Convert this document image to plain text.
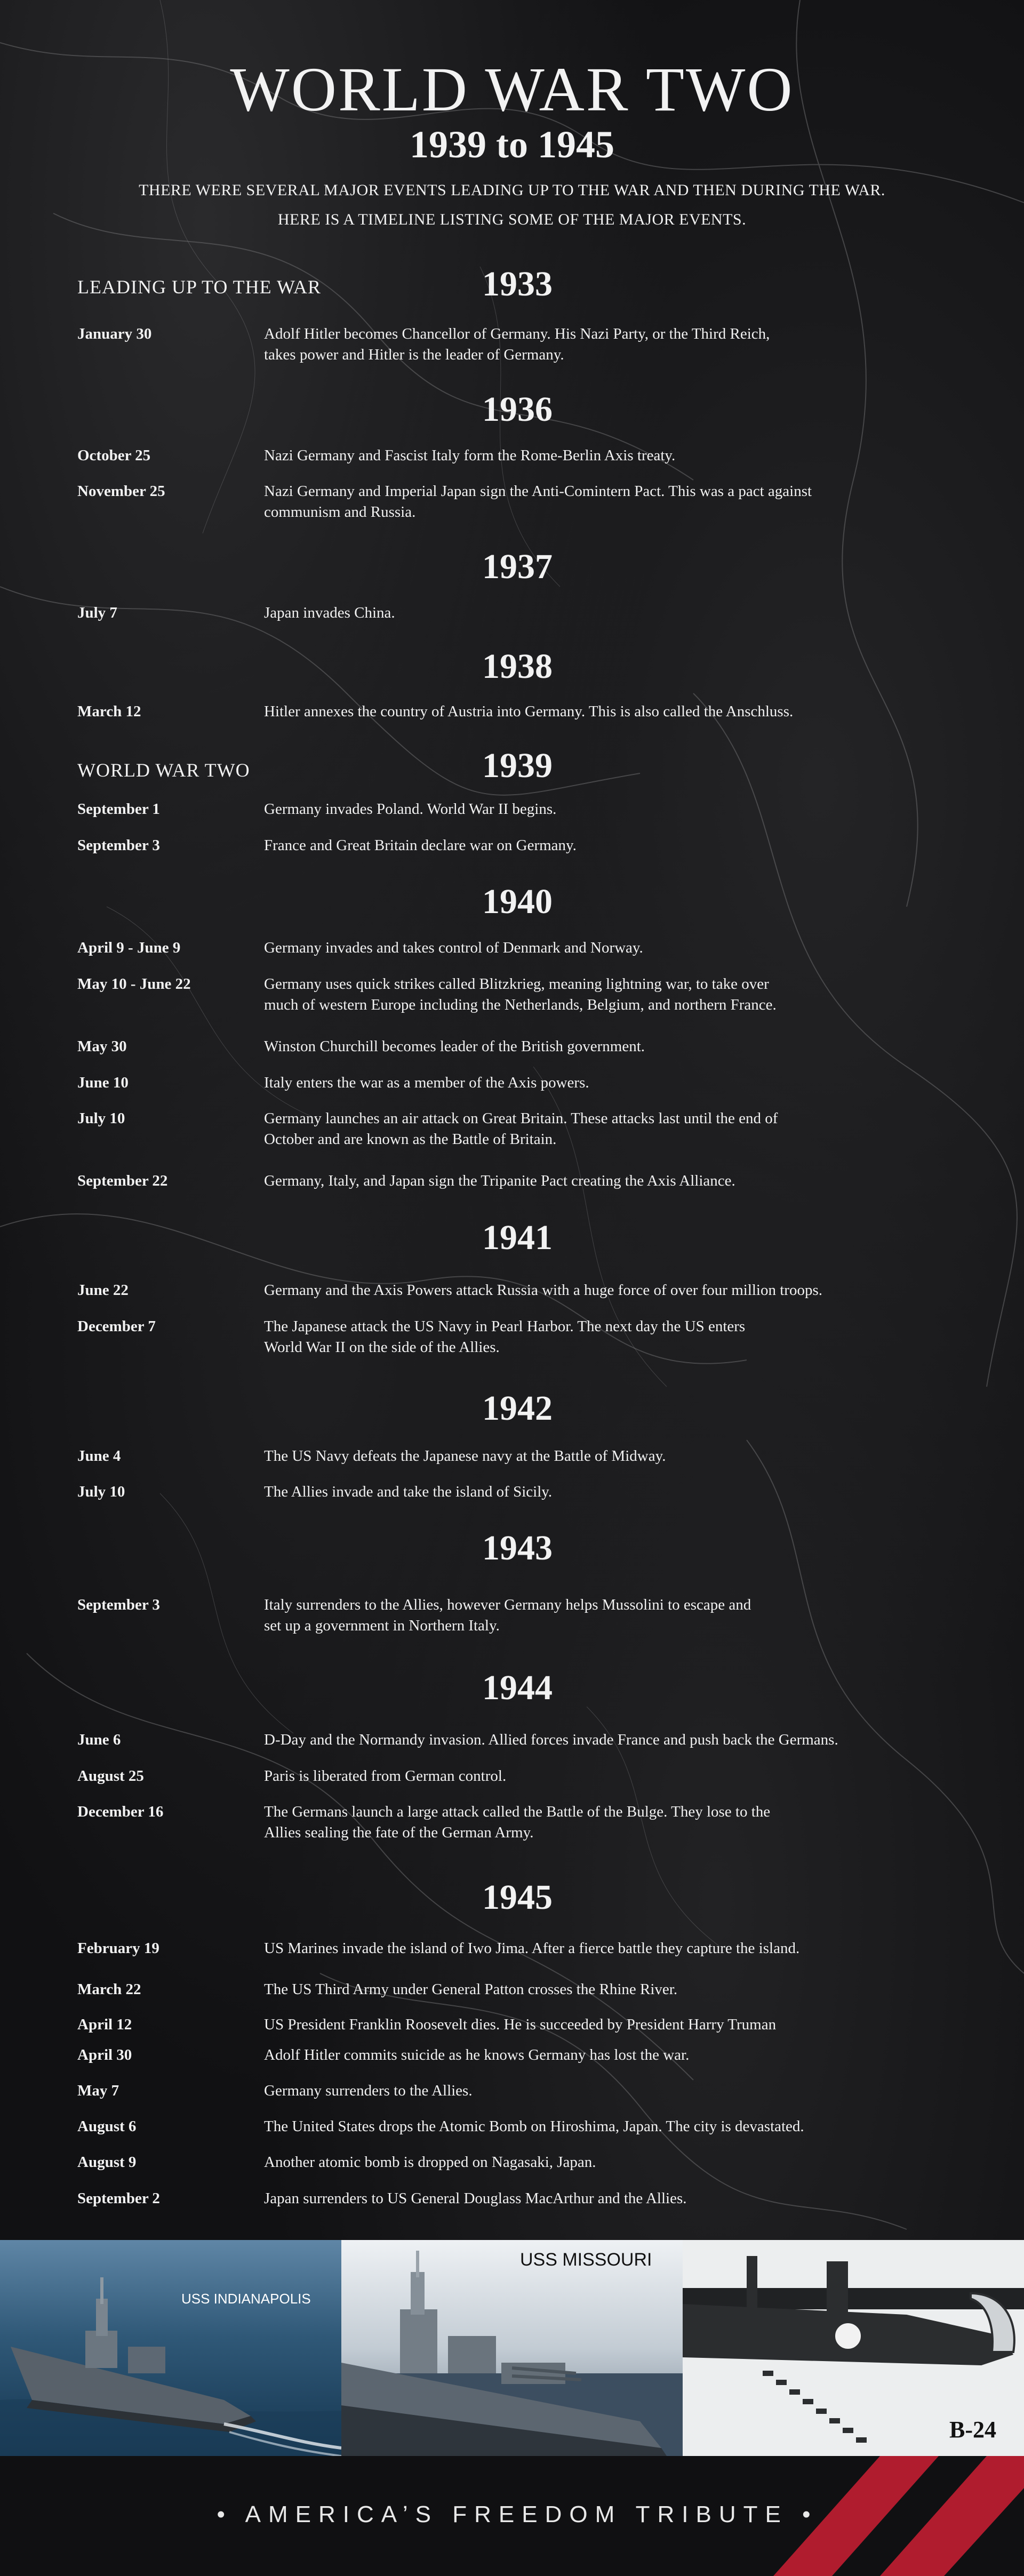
WORLD WAR TWO
1939 to 1945
THERE WERE SEVERAL MAJOR EVENTS LEADING UP TO THE WAR AND THEN DURING THE WAR.
HERE IS A TIMELINE LISTING SOME OF THE MAJOR EVENTS.
LEADING UP TO THE WAR	1933
January 30	Adolf Hitler becomes Chancellor of Germany. His Nazi Party, or the Third Reich,
takes power and Hitler is the leader of Germany.
1936
October 25	Nazi Germany and Fascist Italy form the Rome-Berlin Axis treaty.
November 25	Nazi Germany and Imperial Japan sign the Anti-Comintern Pact. This was a pact against
communism and Russia.
1937
July 7	Japan invades China.
1938
March 12	Hitler annexes the country of Austria into Germany. This is also called the Anschluss.
WORLD WAR TWO	1939
September 1	Germany invades Poland. World War II begins.
September 3	France and Great Britain declare war on Germany.
1940
April 9 - June 9	Germany invades and takes control of Denmark and Norway.
May 10 - June 22	Germany uses quick strikes called Blitzkrieg, meaning lightning war, to take over
much of western Europe including the Netherlands, Belgium, and northern France.
May 30	Winston Churchill becomes leader of the British government.
June 10	Italy enters the war as a member of the Axis powers.
July 10	Germany launches an air attack on Great Britain. These attacks last until the end of
October and are known as the Battle of Britain.
September 22	Germany, Italy, and Japan sign the Tripanite Pact creating the Axis Alliance.
1941
June 22	Germany and the Axis Powers attack Russia with a huge force of over four million troops.
December 7	The Japanese attack the US Navy in Pearl Harbor. The next day the US enters
World War II on the side of the Allies.
1942
June 4	The US Navy defeats the Japanese navy at the Battle of Midway.
July 10	The Allies invade and take the island of Sicily.
1943
September 3	Italy surrenders to the Allies, however Germany helps Mussolini to escape and
set up a government in Northern Italy.
1944
June 6	D-Day and the Normandy invasion. Allied forces invade France and push back the Germans.
August 25	Paris is liberated from German control.
December 16	The Germans launch a large attack called the Battle of the Bulge. They lose to the
Allies sealing the fate of the German Army.
1945
February 19	US Marines invade the island of Iwo Jima. After a fierce battle they capture the island.
March 22	The US Third Army under General Patton crosses the Rhine River.
April 12	US President Franklin Roosevelt dies. He is succeeded by President Harry Truman
April 30	Adolf Hitler commits suicide as he knows Germany has lost the war.
May 7	Germany surrenders to the Allies.
August 6	The United States drops the Atomic Bomb on Hiroshima, Japan. The city is devastated.
August 9	Another atomic bomb is dropped on Nagasaki, Japan.
September 2	Japan surrenders to US General Douglass MacArthur and the Allies.
USS INDIANAPOLIS
USS MISSOURI
B-24
• AMERICA’S FREEDOM TRIBUTE •
